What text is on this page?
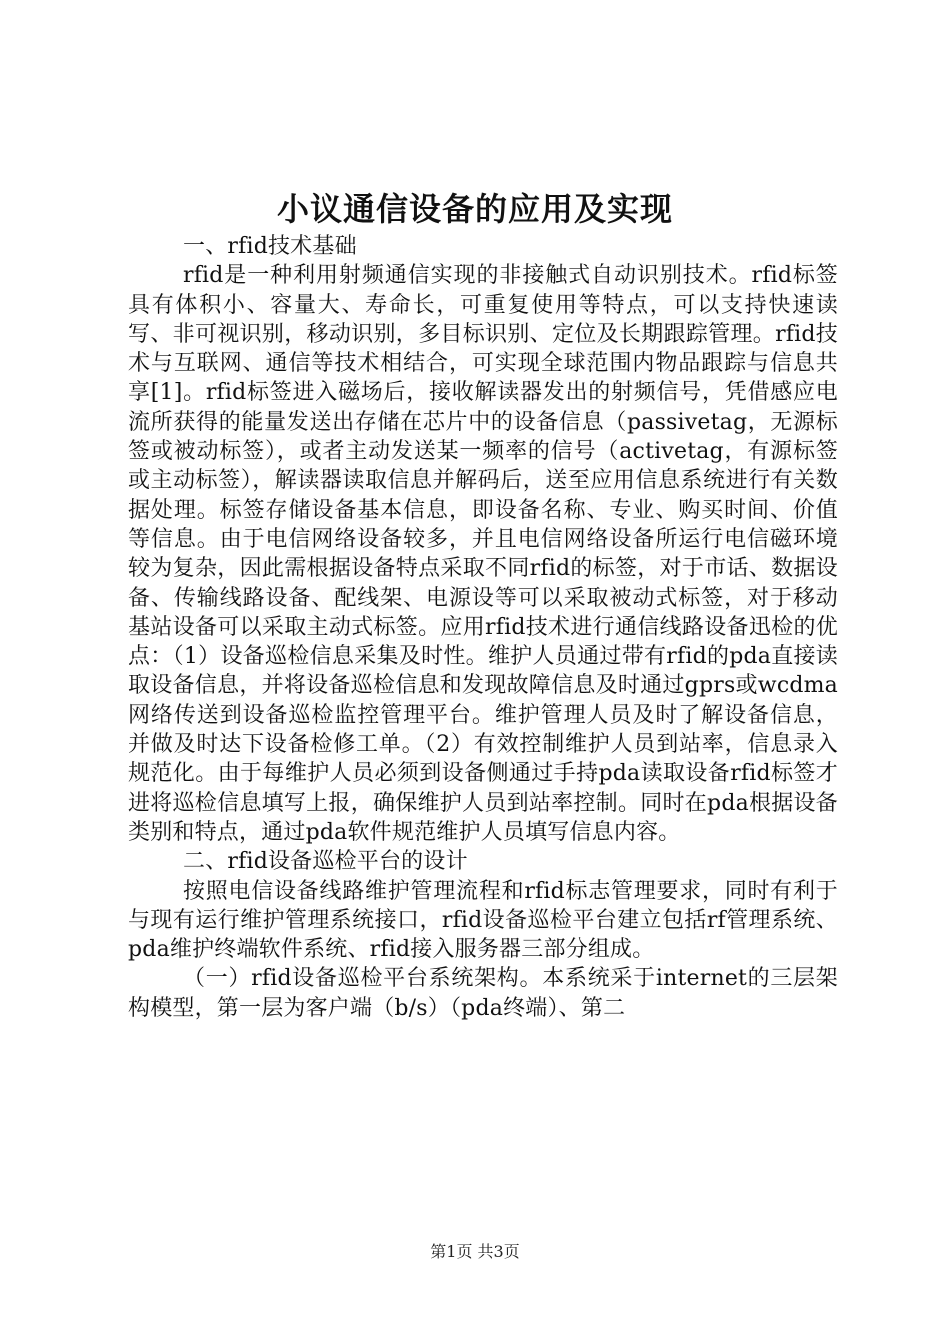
小议通信设备的应用及实现

一、rfid技术基础

rfid是一种利用射频通信实现的非接触式自动识别技术。rfid标签具有体积小、容量大、寿命长，可重复使用等特点，可以支持快速读写、非可视识别，移动识别，多目标识别、定位及长期跟踪管理。rfid技术与互联网、通信等技术相结合，可实现全球范围内物品跟踪与信息共享[1]。rfid标签进入磁场后，接收解读器发出的射频信号，凭借感应电流所获得的能量发送出存储在芯片中的设备信息（passivetag，无源标签或被动标签），或者主动发送某一频率的信号（activetag，有源标签或主动标签），解读器读取信息并解码后，送至应用信息系统进行有关数据处理。标签存储设备基本信息，即设备名称、专业、购买时间、价值等信息。由于电信网络设备较多，并且电信网络设备所运行电信磁环境较为复杂，因此需根据设备特点采取不同rfid的标签，对于市话、数据设备、传输线路设备、配线架、电源设等可以采取被动式标签，对于移动基站设备可以采取主动式标签。应用rfid技术进行通信线路设备迅检的优点：（1）设备巡检信息采集及时性。维护人员通过带有rfid的pda直接读取设备信息，并将设备巡检信息和发现故障信息及时通过gprs或wcdma网络传送到设备巡检监控管理平台。维护管理人员及时了解设备信息，并做及时达下设备检修工单。（2）有效控制维护人员到站率，信息录入规范化。由于每维护人员必须到设备侧通过手持pda读取设备rfid标签才进将巡检信息填写上报，确保维护人员到站率控制。同时在pda根据设备类别和特点，通过pda软件规范维护人员填写信息内容。

二、rfid设备巡检平台的设计

按照电信设备线路维护管理流程和rfid标志管理要求，同时有利于与现有运行维护管理系统接口，rfid设备巡检平台建立包括rf管理系统、pda维护终端软件系统、rfid接入服务器三部分组成。

（一）rfid设备巡检平台系统架构。本系统采于internet的三层架构模型，第一层为客户端（b/s）（pda终端）、第二

第1页 共3页
